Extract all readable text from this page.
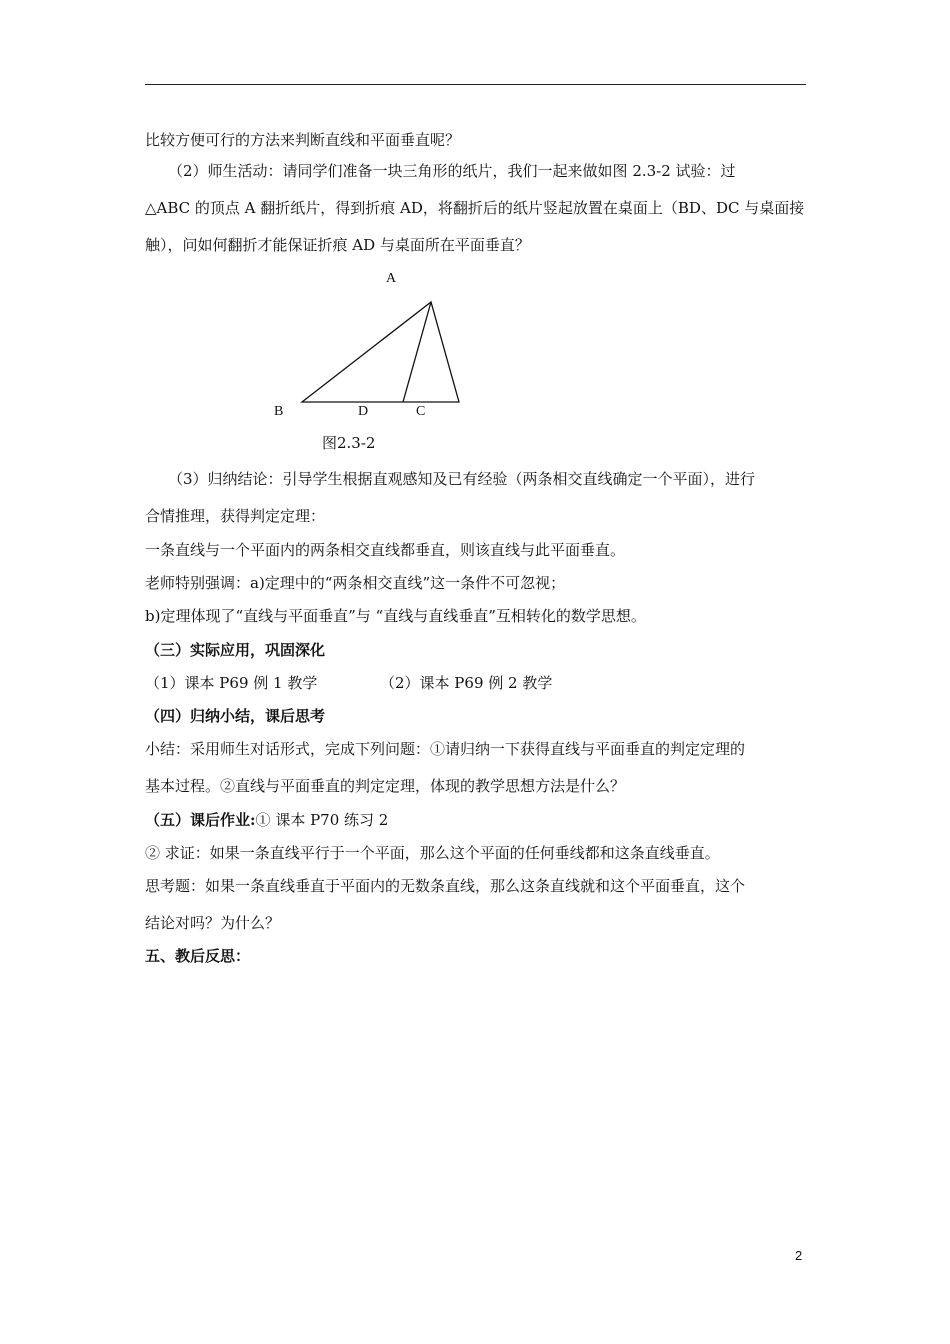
比较方便可行的方法来判断直线和平面垂直呢？
（2）师生活动：请同学们准备一块三角形的纸片，我们一起来做如图 2.3-2 试验：过
△ABC 的顶点 A 翻折纸片，得到折痕 AD，将翻折后的纸片竖起放置在桌面上（BD、DC 与桌面接
触），问如何翻折才能保证折痕 AD 与桌面所在平面垂直？
A
B	D	C
图2.3-2
（3）归纳结论：引导学生根据直观感知及已有经验（两条相交直线确定一个平面），进行
合情推理，获得判定定理：
一条直线与一个平面内的两条相交直线都垂直，则该直线与此平面垂直。
老师特别强调：a)定理中的“两条相交直线”这一条件不可忽视；
b)定理体现了“直线与平面垂直”与 “直线与直线垂直”互相转化的数学思想。
（三）实际应用，巩固深化
（1）课本 P69 例 1 教学	（2）课本 P69 例 2 教学
（四）归纳小结，课后思考
小结：采用师生对话形式，完成下列问题：①请归纳一下获得直线与平面垂直的判定定理的
基本过程。②直线与平面垂直的判定定理，体现的教学思想方法是什么？
（五）课后作业:① 课本 P70 练习 2
② 求证：如果一条直线平行于一个平面，那么这个平面的任何垂线都和这条直线垂直。
思考题：如果一条直线垂直于平面内的无数条直线，那么这条直线就和这个平面垂直，这个
结论对吗？为什么？
五、教后反思：
2
